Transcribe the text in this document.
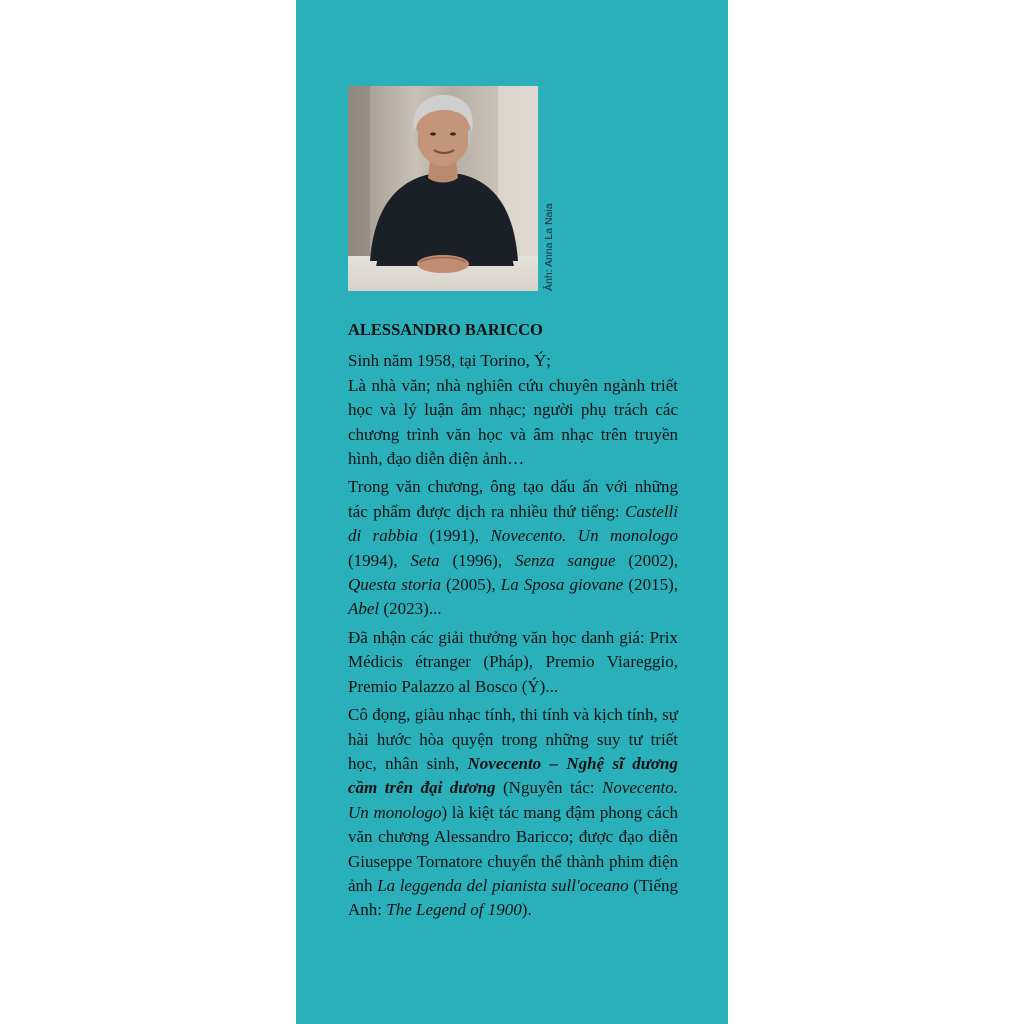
Ảnh: Anna La Naia
ALESSANDRO BARICCO
Sinh năm 1958, tại Torino, Ý;
Là nhà văn; nhà nghiên cứu chuyên ngành triết học và lý luận âm nhạc; người phụ trách các chương trình văn học và âm nhạc trên truyền hình, đạo diễn điện ảnh…
Trong văn chương, ông tạo dấu ấn với những tác phẩm được dịch ra nhiều thứ tiếng: Castelli di rabbia (1991), Novecento. Un monologo (1994), Seta (1996), Senza sangue (2002), Questa storia (2005), La Sposa giovane (2015), Abel (2023)...
Đã nhận các giải thưởng văn học danh giá: Prix Médicis étranger (Pháp), Premio Viareggio, Premio Palazzo al Bosco (Ý)...
Cô đọng, giàu nhạc tính, thi tính và kịch tính, sự hài hước hòa quyện trong những suy tư triết học, nhân sinh, Novecento – Nghệ sĩ dương cầm trên đại dương (Nguyên tác: Novecento. Un monologo) là kiệt tác mang đậm phong cách văn chương Alessandro Baricco; được đạo diễn Giuseppe Tornatore chuyển thể thành phim điện ảnh La leggenda del pianista sull'oceano (Tiếng Anh: The Legend of 1900).
